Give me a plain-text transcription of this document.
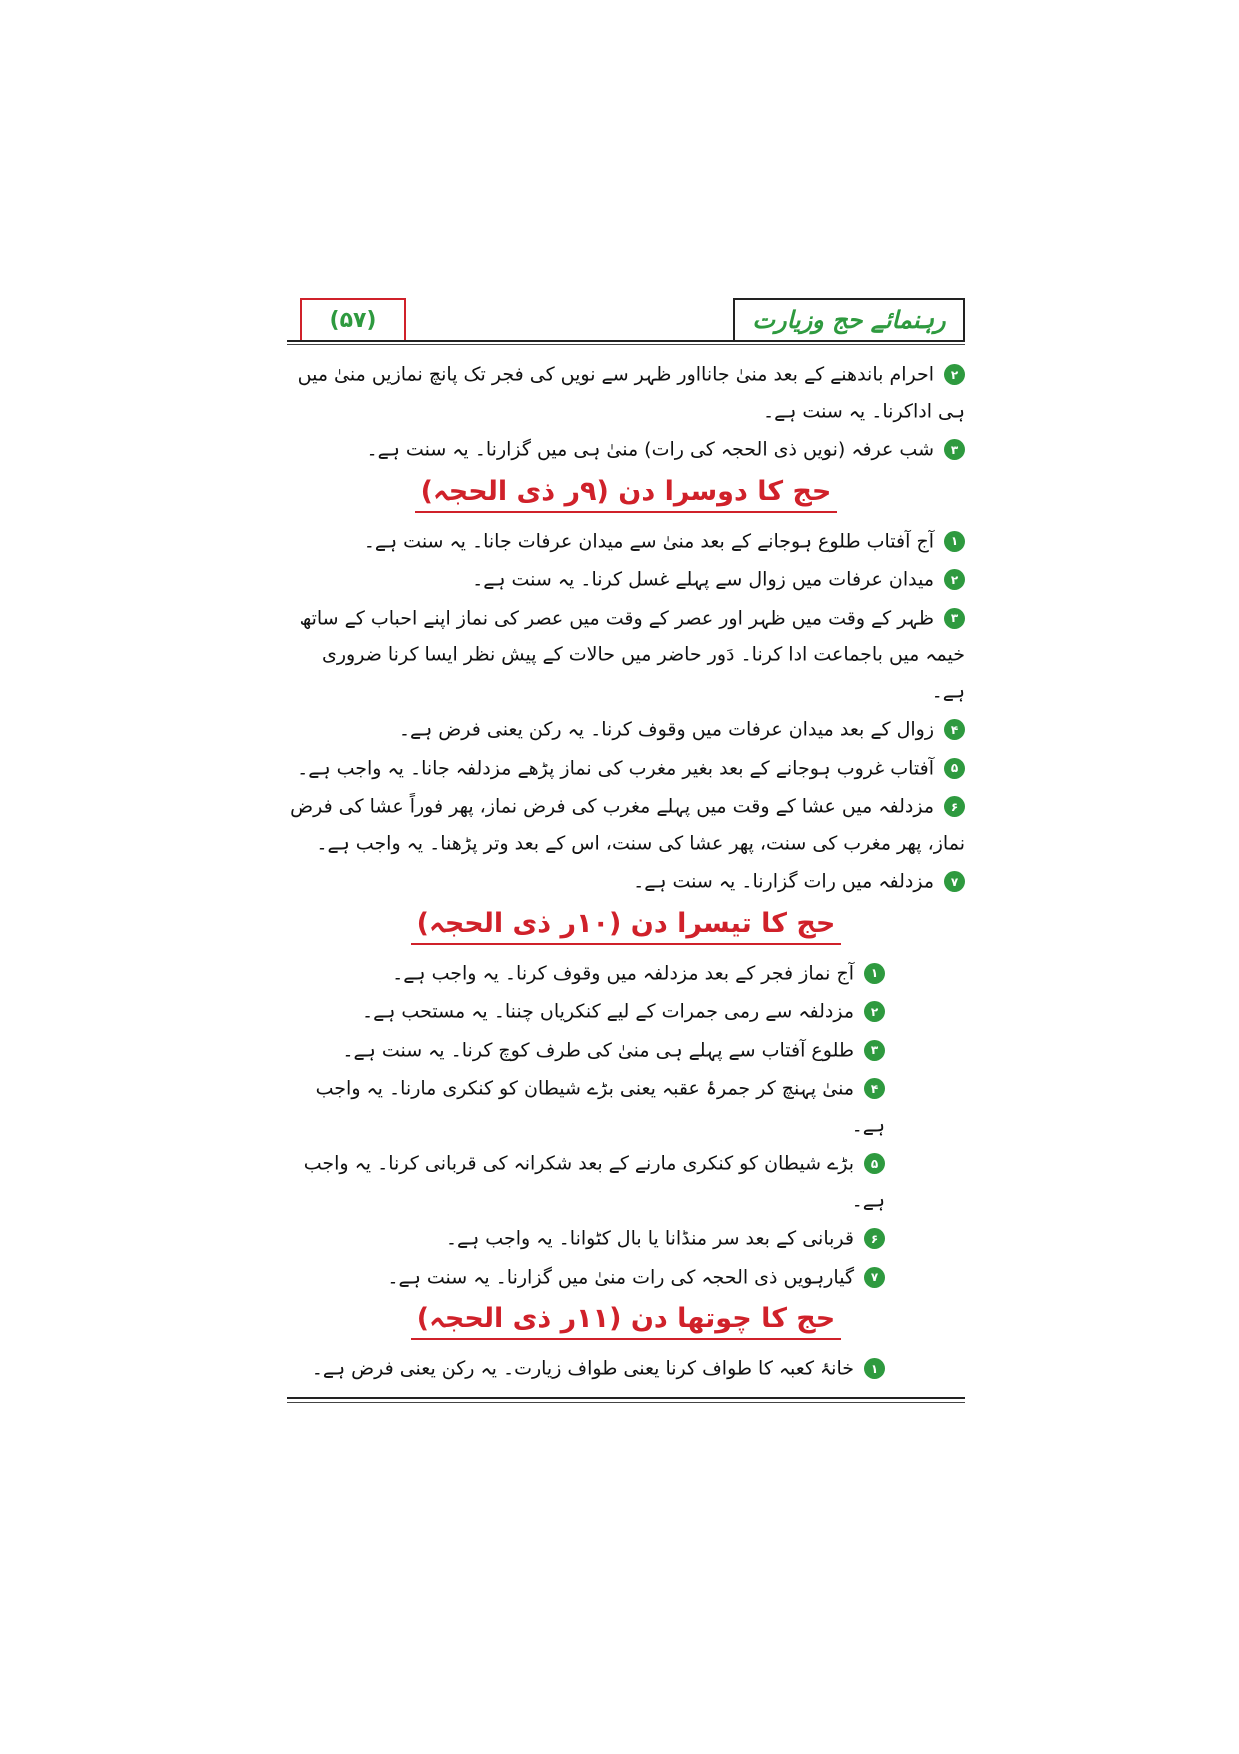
(۵۷)	رہنمائے حج وزیارت
۲احرام باندھنے کے بعد منیٰ جانااور ظہر سے نویں کی فجر تک پانچ نمازیں منیٰ میں ہی اداکرنا۔ یہ سنت ہے۔
۳شب عرفہ (نویں ذی الحجہ کی رات) منیٰ ہی میں گزارنا۔ یہ سنت ہے۔
حج کا دوسرا دن (۹ر ذی الحجہ)
۱آج آفتاب طلوع ہوجانے کے بعد منیٰ سے میدان عرفات جانا۔ یہ سنت ہے۔
۲میدان عرفات میں زوال سے پہلے غسل کرنا۔ یہ سنت ہے۔
۳ظہر کے وقت میں ظہر اور عصر کے وقت میں عصر کی نماز اپنے احباب کے ساتھ خیمہ میں باجماعت ادا کرنا۔ دَور حاضر میں حالات کے پیش نظر ایسا کرنا ضروری ہے۔
۴زوال کے بعد میدان عرفات میں وقوف کرنا۔ یہ رکن یعنی فرض ہے۔
۵آفتاب غروب ہوجانے کے بعد بغیر مغرب کی نماز پڑھے مزدلفہ جانا۔ یہ واجب ہے۔
۶مزدلفہ میں عشا کے وقت میں پہلے مغرب کی فرض نماز، پھر فوراً عشا کی فرض نماز، پھر مغرب کی سنت، پھر عشا کی سنت، اس کے بعد وتر پڑھنا۔ یہ واجب ہے۔
۷مزدلفہ میں رات گزارنا۔ یہ سنت ہے۔
حج کا تیسرا دن (۱۰ر ذی الحجہ)
۱آج نماز فجر کے بعد مزدلفہ میں وقوف کرنا۔ یہ واجب ہے۔
۲مزدلفہ سے رمی جمرات کے لیے کنکریاں چننا۔ یہ مستحب ہے۔
۳طلوع آفتاب سے پہلے ہی منیٰ کی طرف کوچ کرنا۔ یہ سنت ہے۔
۴منیٰ پہنچ کر جمرۂ عقبہ یعنی بڑے شیطان کو کنکری مارنا۔ یہ واجب ہے۔
۵بڑے شیطان کو کنکری مارنے کے بعد شکرانہ کی قربانی کرنا۔ یہ واجب ہے۔
۶قربانی کے بعد سر منڈانا یا بال کٹوانا۔ یہ واجب ہے۔
۷گیارہویں ذی الحجہ کی رات منیٰ میں گزارنا۔ یہ سنت ہے۔
حج کا چوتھا دن (۱۱ر ذی الحجہ)
۱خانۂ کعبہ کا طواف کرنا یعنی طواف زیارت۔ یہ رکن یعنی فرض ہے۔
